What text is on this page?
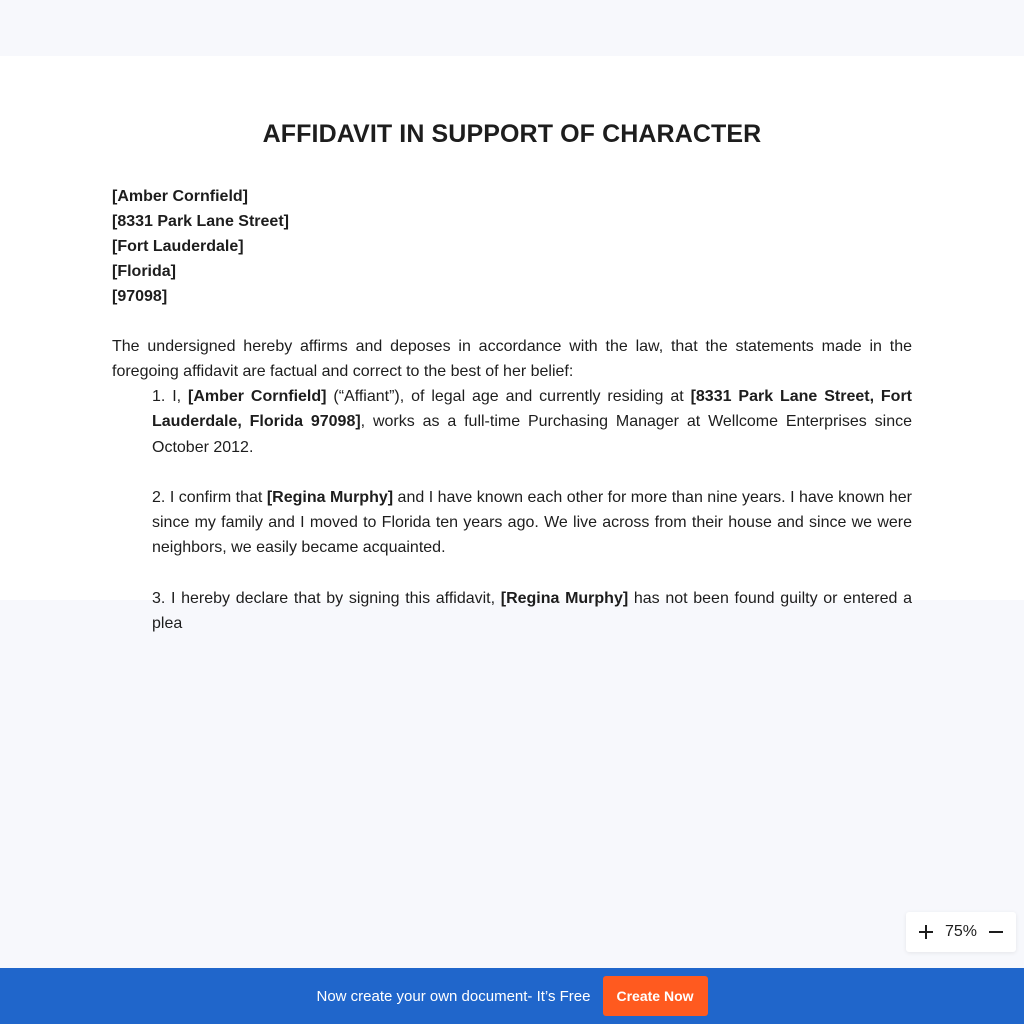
AFFIDAVIT IN SUPPORT OF CHARACTER
[Amber Cornfield]
[8331 Park Lane Street]
[Fort Lauderdale]
[Florida]
[97098]

The undersigned hereby affirms and deposes in accordance with the law, that the statements made in the foregoing affidavit are factual and correct to the best of her belief:

1. I, [Amber Cornfield] (“Affiant”), of legal age and currently residing at [8331 Park Lane Street, Fort Lauderdale, Florida 97098], works as a full-time Purchasing Manager at Wellcome Enterprises since October 2012.

2. I confirm that [Regina Murphy] and I have known each other for more than nine years. I have known her since my family and I moved to Florida ten years ago. We live across from their house and since we were neighbors, we easily became acquainted.

3. I hereby declare that by signing this affidavit, [Regina Murphy] has not been found guilty or entered a plea

75%
Now create your own document- It’s Free	Create Now
